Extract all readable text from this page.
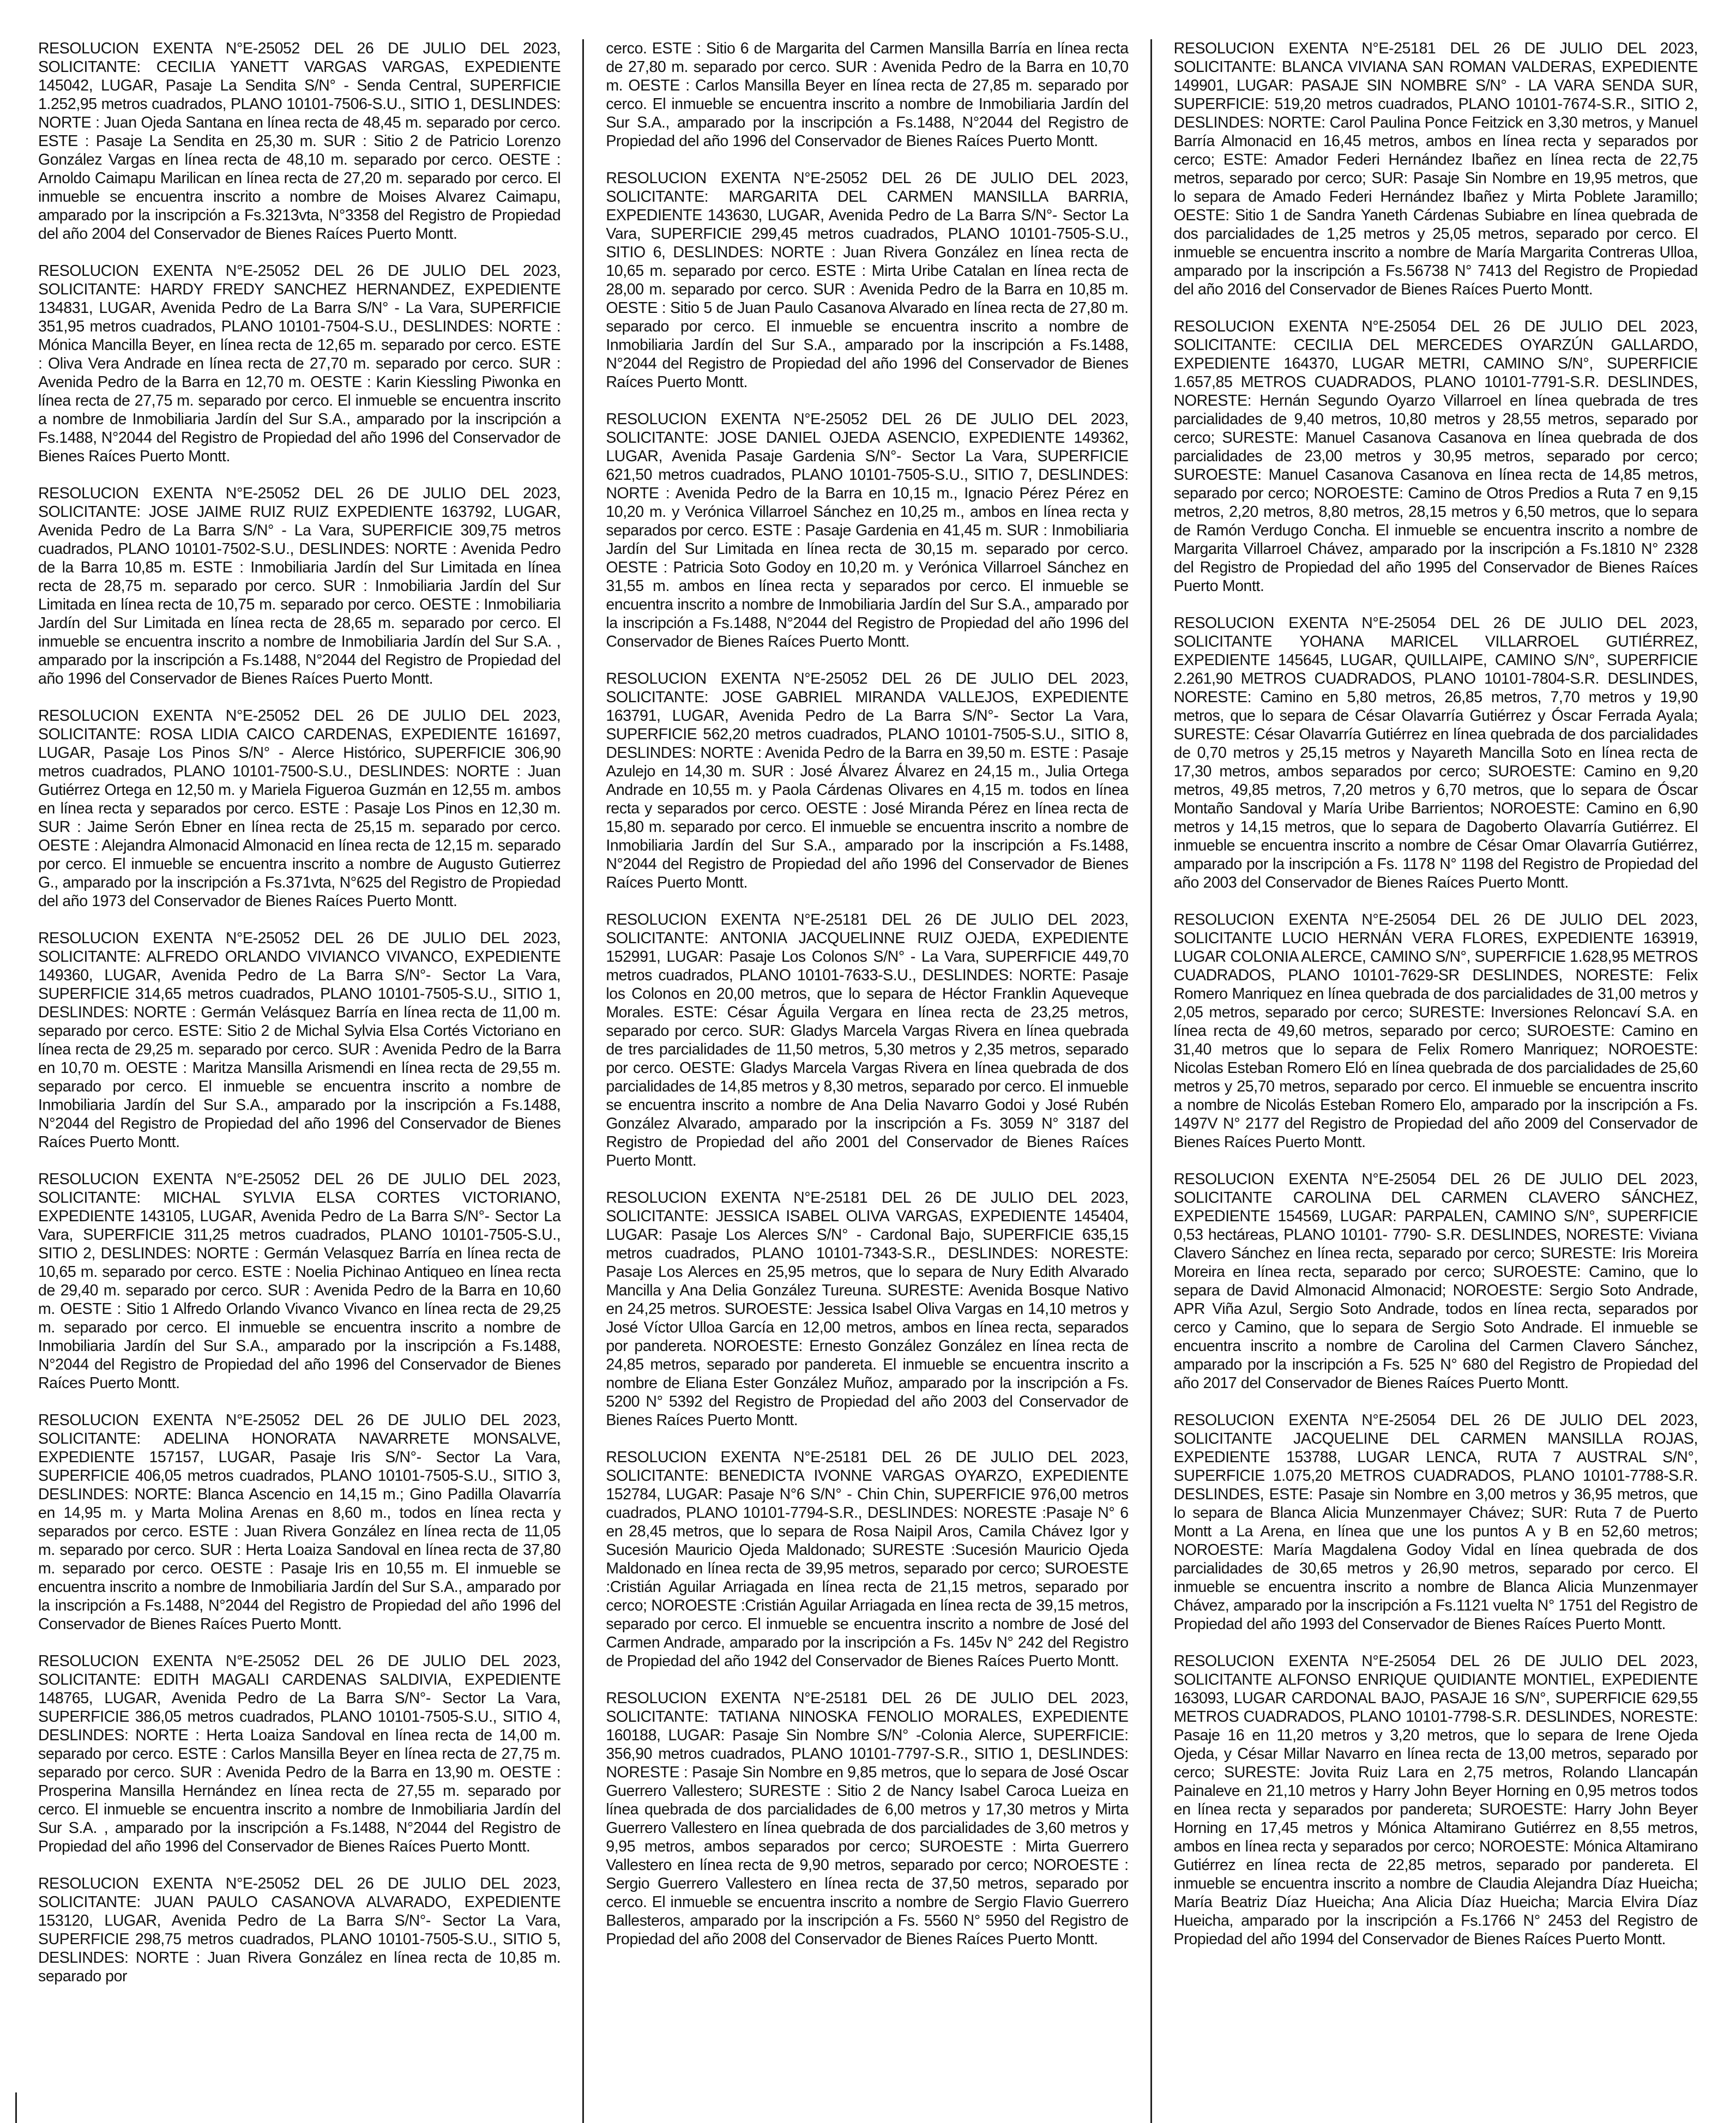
RESOLUCION EXENTA N°E-25052 DEL 26 DE JULIO DEL 2023, SOLICITANTE: CECILIA YANETT VARGAS VARGAS, EXPEDIENTE 145042, LUGAR, Pasaje La Sendita S/N° - Senda Central, SUPERFICIE 1.252,95 metros cuadrados, PLANO 10101-7506-S.U., SITIO 1, DESLINDES: NORTE : Juan Ojeda Santana en línea recta de 48,45 m. separado por cerco. ESTE : Pasaje La Sendita en 25,30 m. SUR : Sitio 2 de Patricio Lorenzo González Vargas en línea recta de 48,10 m. separado por cerco. OESTE : Arnoldo Caimapu Marilican en línea recta de 27,20 m. separado por cerco. El inmueble se encuentra inscrito a nombre de Moises Alvarez Caimapu, amparado por la inscripción a Fs.3213vta, N°3358 del Registro de Propiedad del año 2004 del Conservador de Bienes Raíces Puerto Montt.

RESOLUCION EXENTA N°E-25052 DEL 26 DE JULIO DEL 2023, SOLICITANTE: HARDY FREDY SANCHEZ HERNANDEZ, EXPEDIENTE 134831, LUGAR, Avenida Pedro de La Barra S/N° - La Vara, SUPERFICIE 351,95 metros cuadrados, PLANO 10101-7504-S.U., DESLINDES: NORTE : Mónica Mancilla Beyer, en línea recta de 12,65 m. separado por cerco. ESTE : Oliva Vera Andrade en línea recta de 27,70 m. separado por cerco. SUR : Avenida Pedro de la Barra en 12,70 m. OESTE : Karin Kiessling Piwonka en línea recta de 27,75 m. separado por cerco. El inmueble se encuentra inscrito a nombre de Inmobiliaria Jardín del Sur S.A., amparado por la inscripción a Fs.1488, N°2044 del Registro de Propiedad del año 1996 del Conservador de Bienes Raíces Puerto Montt.

RESOLUCION EXENTA N°E-25052 DEL 26 DE JULIO DEL 2023, SOLICITANTE: JOSE JAIME RUIZ RUIZ EXPEDIENTE 163792, LUGAR, Avenida Pedro de La Barra S/N° - La Vara, SUPERFICIE 309,75 metros cuadrados, PLANO 10101-7502-S.U., DESLINDES: NORTE : Avenida Pedro de la Barra 10,85 m. ESTE : Inmobiliaria Jardín del Sur Limitada en línea recta de 28,75 m. separado por cerco. SUR : Inmobiliaria Jardín del Sur Limitada en línea recta de 10,75 m. separado por cerco. OESTE : Inmobiliaria Jardín del Sur Limitada en línea recta de 28,65 m. separado por cerco. El inmueble se encuentra inscrito a nombre de Inmobiliaria Jardín del Sur S.A. , amparado por la inscripción a Fs.1488, N°2044 del Registro de Propiedad del año 1996 del Conservador de Bienes Raíces Puerto Montt.

RESOLUCION EXENTA N°E-25052 DEL 26 DE JULIO DEL 2023, SOLICITANTE: ROSA LIDIA CAICO CARDENAS, EXPEDIENTE 161697, LUGAR, Pasaje Los Pinos S/N° - Alerce Histórico, SUPERFICIE 306,90 metros cuadrados, PLANO 10101-7500-S.U., DESLINDES: NORTE : Juan Gutiérrez Ortega en 12,50 m. y Mariela Figueroa Guzmán en 12,55 m. ambos en línea recta y separados por cerco. ESTE : Pasaje Los Pinos en 12,30 m. SUR : Jaime Serón Ebner en línea recta de 25,15 m. separado por cerco. OESTE : Alejandra Almonacid Almonacid en línea recta de 12,15 m. separado por cerco. El inmueble se encuentra inscrito a nombre de Augusto Gutierrez G., amparado por la inscripción a Fs.371vta, N°625 del Registro de Propiedad del año 1973 del Conservador de Bienes Raíces Puerto Montt.

RESOLUCION EXENTA N°E-25052 DEL 26 DE JULIO DEL 2023, SOLICITANTE: ALFREDO ORLANDO VIVIANCO VIVANCO, EXPEDIENTE 149360, LUGAR, Avenida Pedro de La Barra S/N°- Sector La Vara, SUPERFICIE 314,65 metros cuadrados, PLANO 10101-7505-S.U., SITIO 1, DESLINDES: NORTE : Germán Velásquez Barría en línea recta de 11,00 m. separado por cerco. ESTE: Sitio 2 de Michal Sylvia Elsa Cortés Victoriano en línea recta de 29,25 m. separado por cerco. SUR : Avenida Pedro de la Barra en 10,70 m. OESTE : Maritza Mansilla Arismendi en línea recta de 29,55 m. separado por cerco. El inmueble se encuentra inscrito a nombre de Inmobiliaria Jardín del Sur S.A., amparado por la inscripción a Fs.1488, N°2044 del Registro de Propiedad del año 1996 del Conservador de Bienes Raíces Puerto Montt.

RESOLUCION EXENTA N°E-25052 DEL 26 DE JULIO DEL 2023, SOLICITANTE: MICHAL SYLVIA ELSA CORTES VICTORIANO, EXPEDIENTE 143105, LUGAR, Avenida Pedro de La Barra S/N°- Sector La Vara, SUPERFICIE 311,25 metros cuadrados, PLANO 10101-7505-S.U., SITIO 2, DESLINDES: NORTE : Germán Velasquez Barría en línea recta de 10,65 m. separado por cerco. ESTE : Noelia Pichinao Antiqueo en línea recta de 29,40 m. separado por cerco. SUR : Avenida Pedro de la Barra en 10,60 m. OESTE : Sitio 1 Alfredo Orlando Vivanco Vivanco en línea recta de 29,25 m. separado por cerco. El inmueble se encuentra inscrito a nombre de Inmobiliaria Jardín del Sur S.A., amparado por la inscripción a Fs.1488, N°2044 del Registro de Propiedad del año 1996 del Conservador de Bienes Raíces Puerto Montt.

RESOLUCION EXENTA N°E-25052 DEL 26 DE JULIO DEL 2023, SOLICITANTE: ADELINA HONORATA NAVARRETE MONSALVE, EXPEDIENTE 157157, LUGAR, Pasaje Iris S/N°- Sector La Vara, SUPERFICIE 406,05 metros cuadrados, PLANO 10101-7505-S.U., SITIO 3, DESLINDES: NORTE: Blanca Ascencio en 14,15 m.; Gino Padilla Olavarría en 14,95 m. y Marta Molina Arenas en 8,60 m., todos en línea recta y separados por cerco. ESTE : Juan Rivera González en línea recta de 11,05 m. separado por cerco. SUR : Herta Loaiza Sandoval en línea recta de 37,80 m. separado por cerco. OESTE : Pasaje Iris en 10,55 m. El inmueble se encuentra inscrito a nombre de Inmobiliaria Jardín del Sur S.A., amparado por la inscripción a Fs.1488, N°2044 del Registro de Propiedad del año 1996 del Conservador de Bienes Raíces Puerto Montt.

RESOLUCION EXENTA N°E-25052 DEL 26 DE JULIO DEL 2023, SOLICITANTE: EDITH MAGALI CARDENAS SALDIVIA, EXPEDIENTE 148765, LUGAR, Avenida Pedro de La Barra S/N°- Sector La Vara, SUPERFICIE 386,05 metros cuadrados, PLANO 10101-7505-S.U., SITIO 4, DESLINDES: NORTE : Herta Loaiza Sandoval en línea recta de 14,00 m. separado por cerco. ESTE : Carlos Mansilla Beyer en línea recta de 27,75 m. separado por cerco. SUR : Avenida Pedro de la Barra en 13,90 m. OESTE : Prosperina Mansilla Hernández en línea recta de 27,55 m. separado por cerco. El inmueble se encuentra inscrito a nombre de Inmobiliaria Jardín del Sur S.A. , amparado por la inscripción a Fs.1488, N°2044 del Registro de Propiedad del año 1996 del Conservador de Bienes Raíces Puerto Montt.

RESOLUCION EXENTA N°E-25052 DEL 26 DE JULIO DEL 2023, SOLICITANTE: JUAN PAULO CASANOVA ALVARADO, EXPEDIENTE 153120, LUGAR, Avenida Pedro de La Barra S/N°- Sector La Vara, SUPERFICIE 298,75 metros cuadrados, PLANO 10101-7505-S.U., SITIO 5, DESLINDES: NORTE : Juan Rivera González en línea recta de 10,85 m. separado por

cerco. ESTE : Sitio 6 de Margarita del Carmen Mansilla Barría en línea recta de 27,80 m. separado por cerco. SUR : Avenida Pedro de la Barra en 10,70 m. OESTE : Carlos Mansilla Beyer en línea recta de 27,85 m. separado por cerco. El inmueble se encuentra inscrito a nombre de Inmobiliaria Jardín del Sur S.A., amparado por la inscripción a Fs.1488, N°2044 del Registro de Propiedad del año 1996 del Conservador de Bienes Raíces Puerto Montt.

RESOLUCION EXENTA N°E-25052 DEL 26 DE JULIO DEL 2023, SOLICITANTE: MARGARITA DEL CARMEN MANSILLA BARRIA, EXPEDIENTE 143630, LUGAR, Avenida Pedro de La Barra S/N°- Sector La Vara, SUPERFICIE 299,45 metros cuadrados, PLANO 10101-7505-S.U., SITIO 6, DESLINDES: NORTE : Juan Rivera González en línea recta de 10,65 m. separado por cerco. ESTE : Mirta Uribe Catalan en línea recta de 28,00 m. separado por cerco. SUR : Avenida Pedro de la Barra en 10,85 m. OESTE : Sitio 5 de Juan Paulo Casanova Alvarado en línea recta de 27,80 m. separado por cerco. El inmueble se encuentra inscrito a nombre de Inmobiliaria Jardín del Sur S.A., amparado por la inscripción a Fs.1488, N°2044 del Registro de Propiedad del año 1996 del Conservador de Bienes Raíces Puerto Montt.

RESOLUCION EXENTA N°E-25052 DEL 26 DE JULIO DEL 2023, SOLICITANTE: JOSE DANIEL OJEDA ASENCIO, EXPEDIENTE 149362, LUGAR, Avenida Pasaje Gardenia S/N°- Sector La Vara, SUPERFICIE 621,50 metros cuadrados, PLANO 10101-7505-S.U., SITIO 7, DESLINDES: NORTE : Avenida Pedro de la Barra en 10,15 m., Ignacio Pérez Pérez en 10,20 m. y Verónica Villarroel Sánchez en 10,25 m., ambos en línea recta y separados por cerco. ESTE : Pasaje Gardenia en 41,45 m. SUR : Inmobiliaria Jardín del Sur Limitada en línea recta de 30,15 m. separado por cerco. OESTE : Patricia Soto Godoy en 10,20 m. y Verónica Villarroel Sánchez en 31,55 m. ambos en línea recta y separados por cerco. El inmueble se encuentra inscrito a nombre de Inmobiliaria Jardín del Sur S.A., amparado por la inscripción a Fs.1488, N°2044 del Registro de Propiedad del año 1996 del Conservador de Bienes Raíces Puerto Montt.

RESOLUCION EXENTA N°E-25052 DEL 26 DE JULIO DEL 2023, SOLICITANTE: JOSE GABRIEL MIRANDA VALLEJOS, EXPEDIENTE 163791, LUGAR, Avenida Pedro de La Barra S/N°- Sector La Vara, SUPERFICIE 562,20 metros cuadrados, PLANO 10101-7505-S.U., SITIO 8, DESLINDES: NORTE : Avenida Pedro de la Barra en 39,50 m. ESTE : Pasaje Azulejo en 14,30 m. SUR : José Álvarez Álvarez en 24,15 m., Julia Ortega Andrade en 10,55 m. y Paola Cárdenas Olivares en 4,15 m. todos en línea recta y separados por cerco. OESTE : José Miranda Pérez en línea recta de 15,80 m. separado por cerco. El inmueble se encuentra inscrito a nombre de Inmobiliaria Jardín del Sur S.A., amparado por la inscripción a Fs.1488, N°2044 del Registro de Propiedad del año 1996 del Conservador de Bienes Raíces Puerto Montt.

RESOLUCION EXENTA N°E-25181 DEL 26 DE JULIO DEL 2023, SOLICITANTE: ANTONIA JACQUELINNE RUIZ OJEDA, EXPEDIENTE 152991, LUGAR: Pasaje Los Colonos S/N° - La Vara, SUPERFICIE 449,70 metros cuadrados, PLANO 10101-7633-S.U., DESLINDES: NORTE: Pasaje los Colonos en 20,00 metros, que lo separa de Héctor Franklin Aqueveque Morales. ESTE: César Águila Vergara en línea recta de 23,25 metros, separado por cerco. SUR: Gladys Marcela Vargas Rivera en línea quebrada de tres parcialidades de 11,50 metros, 5,30 metros y 2,35 metros, separado por cerco. OESTE: Gladys Marcela Vargas Rivera en línea quebrada de dos parcialidades de 14,85 metros y 8,30 metros, separado por cerco. El inmueble se encuentra inscrito a nombre de Ana Delia Navarro Godoi y José Rubén González Alvarado, amparado por la inscripción a Fs. 3059 N° 3187 del Registro de Propiedad del año 2001 del Conservador de Bienes Raíces Puerto Montt.

RESOLUCION EXENTA N°E-25181 DEL 26 DE JULIO DEL 2023, SOLICITANTE: JESSICA ISABEL OLIVA VARGAS, EXPEDIENTE 145404, LUGAR: Pasaje Los Alerces S/N° - Cardonal Bajo, SUPERFICIE 635,15 metros cuadrados, PLANO 10101-7343-S.R., DESLINDES: NORESTE: Pasaje Los Alerces en 25,95 metros, que lo separa de Nury Edith Alvarado Mancilla y Ana Delia González Tureuna. SURESTE: Avenida Bosque Nativo en 24,25 metros. SUROESTE: Jessica Isabel Oliva Vargas en 14,10 metros y José Víctor Ulloa García en 12,00 metros, ambos en línea recta, separados por pandereta. NOROESTE: Ernesto González González en línea recta de 24,85 metros, separado por pandereta. El inmueble se encuentra inscrito a nombre de Eliana Ester González Muñoz, amparado por la inscripción a Fs. 5200 N° 5392 del Registro de Propiedad del año 2003 del Conservador de Bienes Raíces Puerto Montt.

RESOLUCION EXENTA N°E-25181 DEL 26 DE JULIO DEL 2023, SOLICITANTE: BENEDICTA IVONNE VARGAS OYARZO, EXPEDIENTE 152784, LUGAR: Pasaje N°6 S/N° - Chin Chin, SUPERFICIE 976,00 metros cuadrados, PLANO 10101-7794-S.R., DESLINDES: NORESTE :Pasaje N° 6 en 28,45 metros, que lo separa de Rosa Naipil Aros, Camila Chávez Igor y Sucesión Mauricio Ojeda Maldonado; SURESTE :Sucesión Mauricio Ojeda Maldonado en línea recta de 39,95 metros, separado por cerco; SUROESTE :Cristián Aguilar Arriagada en línea recta de 21,15 metros, separado por cerco; NOROESTE :Cristián Aguilar Arriagada en línea recta de 39,15 metros, separado por cerco. El inmueble se encuentra inscrito a nombre de José del Carmen Andrade, amparado por la inscripción a Fs. 145v N° 242 del Registro de Propiedad del año 1942 del Conservador de Bienes Raíces Puerto Montt.

RESOLUCION EXENTA N°E-25181 DEL 26 DE JULIO DEL 2023, SOLICITANTE: TATIANA NINOSKA FENOLIO MORALES, EXPEDIENTE 160188, LUGAR: Pasaje Sin Nombre S/N° -Colonia Alerce, SUPERFICIE: 356,90 metros cuadrados, PLANO 10101-7797-S.R., SITIO 1, DESLINDES: NORESTE : Pasaje Sin Nombre en 9,85 metros, que lo separa de José Oscar Guerrero Vallestero; SURESTE : Sitio 2 de Nancy Isabel Caroca Lueiza en línea quebrada de dos parcialidades de 6,00 metros y 17,30 metros y Mirta Guerrero Vallestero en línea quebrada de dos parcialidades de 3,60 metros y 9,95 metros, ambos separados por cerco; SUROESTE : Mirta Guerrero Vallestero en línea recta de 9,90 metros, separado por cerco; NOROESTE : Sergio Guerrero Vallestero en línea recta de 37,50 metros, separado por cerco. El inmueble se encuentra inscrito a nombre de Sergio Flavio Guerrero Ballesteros, amparado por la inscripción a Fs. 5560 N° 5950 del Registro de Propiedad del año 2008 del Conservador de Bienes Raíces Puerto Montt.

RESOLUCION EXENTA N°E-25181 DEL 26 DE JULIO DEL 2023, SOLICITANTE: BLANCA VIVIANA SAN ROMAN VALDERAS, EXPEDIENTE 149901, LUGAR: PASAJE SIN NOMBRE S/N° - LA VARA SENDA SUR, SUPERFICIE: 519,20 metros cuadrados, PLANO 10101-7674-S.R., SITIO 2, DESLINDES: NORTE: Carol Paulina Ponce Feitzick en 3,30 metros, y Manuel Barría Almonacid en 16,45 metros, ambos en línea recta y separados por cerco; ESTE: Amador Federi Hernández Ibañez en línea recta de 22,75 metros, separado por cerco; SUR: Pasaje Sin Nombre en 19,95 metros, que lo separa de Amado Federi Hernández Ibañez y Mirta Poblete Jaramillo; OESTE: Sitio 1 de Sandra Yaneth Cárdenas Subiabre en línea quebrada de dos parcialidades de 1,25 metros y 25,05 metros, separado por cerco. El inmueble se encuentra inscrito a nombre de María Margarita Contreras Ulloa, amparado por la inscripción a Fs.56738 N° 7413 del Registro de Propiedad del año 2016 del Conservador de Bienes Raíces Puerto Montt.

RESOLUCION EXENTA N°E-25054 DEL 26 DE JULIO DEL 2023, SOLICITANTE: CECILIA DEL MERCEDES OYARZÚN GALLARDO, EXPEDIENTE 164370, LUGAR METRI, CAMINO S/N°, SUPERFICIE 1.657,85 METROS CUADRADOS, PLANO 10101-7791-S.R. DESLINDES, NORESTE: Hernán Segundo Oyarzo Villarroel en línea quebrada de tres parcialidades de 9,40 metros, 10,80 metros y 28,55 metros, separado por cerco; SURESTE: Manuel Casanova Casanova en línea quebrada de dos parcialidades de 23,00 metros y 30,95 metros, separado por cerco; SUROESTE: Manuel Casanova Casanova en línea recta de 14,85 metros, separado por cerco; NOROESTE: Camino de Otros Predios a Ruta 7 en 9,15 metros, 2,20 metros, 8,80 metros, 28,15 metros y 6,50 metros, que lo separa de Ramón Verdugo Concha. El inmueble se encuentra inscrito a nombre de Margarita Villarroel Chávez, amparado por la inscripción a Fs.1810 N° 2328 del Registro de Propiedad del año 1995 del Conservador de Bienes Raíces Puerto Montt.

RESOLUCION EXENTA N°E-25054 DEL 26 DE JULIO DEL 2023, SOLICITANTE YOHANA MARICEL VILLARROEL GUTIÉRREZ, EXPEDIENTE 145645, LUGAR, QUILLAIPE, CAMINO S/N°, SUPERFICIE 2.261,90 METROS CUADRADOS, PLANO 10101-7804-S.R. DESLINDES, NORESTE: Camino en 5,80 metros, 26,85 metros, 7,70 metros y 19,90 metros, que lo separa de César Olavarría Gutiérrez y Óscar Ferrada Ayala; SURESTE: César Olavarría Gutiérrez en línea quebrada de dos parcialidades de 0,70 metros y 25,15 metros y Nayareth Mancilla Soto en línea recta de 17,30 metros, ambos separados por cerco; SUROESTE: Camino en 9,20 metros, 49,85 metros, 7,20 metros y 6,70 metros, que lo separa de Óscar Montaño Sandoval y María Uribe Barrientos; NOROESTE: Camino en 6,90 metros y 14,15 metros, que lo separa de Dagoberto Olavarría Gutiérrez. El inmueble se encuentra inscrito a nombre de César Omar Olavarría Gutiérrez, amparado por la inscripción a Fs. 1178 N° 1198 del Registro de Propiedad del año 2003 del Conservador de Bienes Raíces Puerto Montt.

RESOLUCION EXENTA N°E-25054 DEL 26 DE JULIO DEL 2023, SOLICITANTE LUCIO HERNÁN VERA FLORES, EXPEDIENTE 163919, LUGAR COLONIA ALERCE, CAMINO S/N°, SUPERFICIE 1.628,95 METROS CUADRADOS, PLANO 10101-7629-SR DESLINDES, NORESTE: Felix Romero Manriquez en línea quebrada de dos parcialidades de 31,00 metros y 2,05 metros, separado por cerco; SURESTE: Inversiones Reloncaví S.A. en línea recta de 49,60 metros, separado por cerco; SUROESTE: Camino en 31,40 metros que lo separa de Felix Romero Manriquez; NOROESTE: Nicolas Esteban Romero Eló en línea quebrada de dos parcialidades de 25,60 metros y 25,70 metros, separado por cerco. El inmueble se encuentra inscrito a nombre de Nicolás Esteban Romero Elo, amparado por la inscripción a Fs. 1497V N° 2177 del Registro de Propiedad del año 2009 del Conservador de Bienes Raíces Puerto Montt.

RESOLUCION EXENTA N°E-25054 DEL 26 DE JULIO DEL 2023, SOLICITANTE CAROLINA DEL CARMEN CLAVERO SÁNCHEZ, EXPEDIENTE 154569, LUGAR: PARPALEN, CAMINO S/N°, SUPERFICIE 0,53 hectáreas, PLANO 10101- 7790- S.R. DESLINDES, NORESTE: Viviana Clavero Sánchez en línea recta, separado por cerco; SURESTE: Iris Moreira Moreira en línea recta, separado por cerco; SUROESTE: Camino, que lo separa de David Almonacid Almonacid; NOROESTE: Sergio Soto Andrade, APR Viña Azul, Sergio Soto Andrade, todos en línea recta, separados por cerco y Camino, que lo separa de Sergio Soto Andrade. El inmueble se encuentra inscrito a nombre de Carolina del Carmen Clavero Sánchez, amparado por la inscripción a Fs. 525 N° 680 del Registro de Propiedad del año 2017 del Conservador de Bienes Raíces Puerto Montt.

RESOLUCION EXENTA N°E-25054 DEL 26 DE JULIO DEL 2023, SOLICITANTE JACQUELINE DEL CARMEN MANSILLA ROJAS, EXPEDIENTE 153788, LUGAR LENCA, RUTA 7 AUSTRAL S/N°, SUPERFICIE 1.075,20 METROS CUADRADOS, PLANO 10101-7788-S.R. DESLINDES, ESTE: Pasaje sin Nombre en 3,00 metros y 36,95 metros, que lo separa de Blanca Alicia Munzenmayer Chávez; SUR: Ruta 7 de Puerto Montt a La Arena, en línea que une los puntos A y B en 52,60 metros; NOROESTE: María Magdalena Godoy Vidal en línea quebrada de dos parcialidades de 30,65 metros y 26,90 metros, separado por cerco. El inmueble se encuentra inscrito a nombre de Blanca Alicia Munzenmayer Chávez, amparado por la inscripción a Fs.1121 vuelta N° 1751 del Registro de Propiedad del año 1993 del Conservador de Bienes Raíces Puerto Montt.

RESOLUCION EXENTA N°E-25054 DEL 26 DE JULIO DEL 2023, SOLICITANTE ALFONSO ENRIQUE QUIDIANTE MONTIEL, EXPEDIENTE 163093, LUGAR CARDONAL BAJO, PASAJE 16 S/N°, SUPERFICIE 629,55 METROS CUADRADOS, PLANO 10101-7798-S.R. DESLINDES, NORESTE: Pasaje 16 en 11,20 metros y 3,20 metros, que lo separa de Irene Ojeda Ojeda, y César Millar Navarro en línea recta de 13,00 metros, separado por cerco; SURESTE: Jovita Ruiz Lara en 2,75 metros, Rolando Llancapán Painaleve en 21,10 metros y Harry John Beyer Horning en 0,95 metros todos en línea recta y separados por pandereta; SUROESTE: Harry John Beyer Horning en 17,45 metros y Mónica Altamirano Gutiérrez en 8,55 metros, ambos en línea recta y separados por cerco; NOROESTE: Mónica Altamirano Gutiérrez en línea recta de 22,85 metros, separado por pandereta. El inmueble se encuentra inscrito a nombre de Claudia Alejandra Díaz Hueicha; María Beatriz Díaz Hueicha; Ana Alicia Díaz Hueicha; Marcia Elvira Díaz Hueicha, amparado por la inscripción a Fs.1766 N° 2453 del Registro de Propiedad del año 1994 del Conservador de Bienes Raíces Puerto Montt.
